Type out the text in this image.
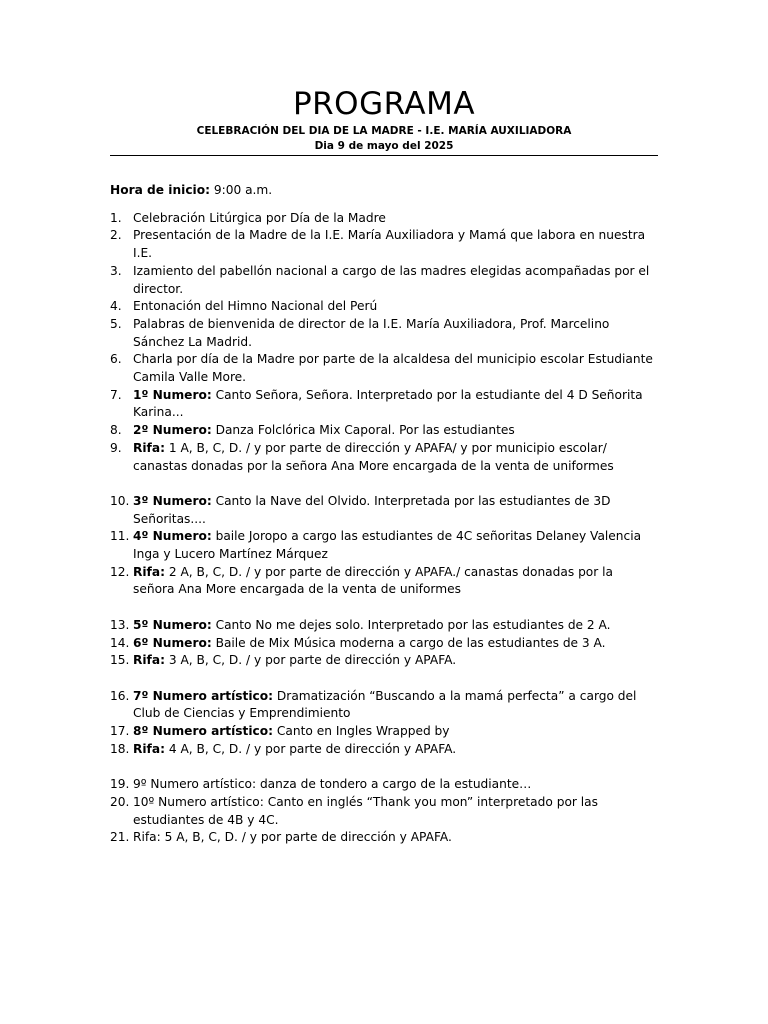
PROGRAMA
CELEBRACIÓN DEL DIA DE LA MADRE - I.E. MARÍA AUXILIADORA
Dia 9 de mayo del 2025

Hora de inicio: 9:00 a.m.

1. Celebración Litúrgica por Día de la Madre
2. Presentación de la Madre de la I.E. María Auxiliadora y Mamá que labora en nuestra I.E.
3. Izamiento del pabellón nacional a cargo de las madres elegidas acompañadas por el director.
4. Entonación del Himno Nacional del Perú
5. Palabras de bienvenida de director de la I.E. María Auxiliadora, Prof. Marcelino Sánchez La Madrid.
6. Charla por día de la Madre por parte de la alcaldesa del municipio escolar Estudiante Camila Valle More.
7. 1º Numero: Canto Señora, Señora. Interpretado por la estudiante del 4 D Señorita Karina...
8. 2º Numero: Danza Folclórica Mix Caporal. Por las estudiantes
9. Rifa: 1 A, B, C, D. / y por parte de dirección y APAFA/ y por municipio escolar/ canastas donadas por la señora Ana More encargada de la venta de uniformes
10. 3º Numero: Canto la Nave del Olvido. Interpretada por las estudiantes de 3D Señoritas....
11. 4º Numero: baile Joropo a cargo las estudiantes de 4C señoritas Delaney Valencia Inga y Lucero Martínez Márquez
12. Rifa: 2 A, B, C, D. / y por parte de dirección y APAFA./ canastas donadas por la señora Ana More encargada de la venta de uniformes
13. 5º Numero: Canto No me dejes solo. Interpretado por las estudiantes de 2 A.
14. 6º Numero: Baile de Mix Música moderna a cargo de las estudiantes de 3 A.
15. Rifa: 3 A, B, C, D. / y por parte de dirección y APAFA.
16. 7º Numero artístico: Dramatización “Buscando a la mamá perfecta” a cargo del Club de Ciencias y Emprendimiento
17. 8º Numero artístico: Canto en Ingles Wrapped by
18. Rifa: 4 A, B, C, D. / y por parte de dirección y APAFA.
19. 9º Numero artístico: danza de tondero a cargo de la estudiante…
20. 10º Numero artístico: Canto en inglés “Thank you mon” interpretado por las estudiantes de 4B y 4C.
21. Rifa: 5 A, B, C, D. / y por parte de dirección y APAFA.
